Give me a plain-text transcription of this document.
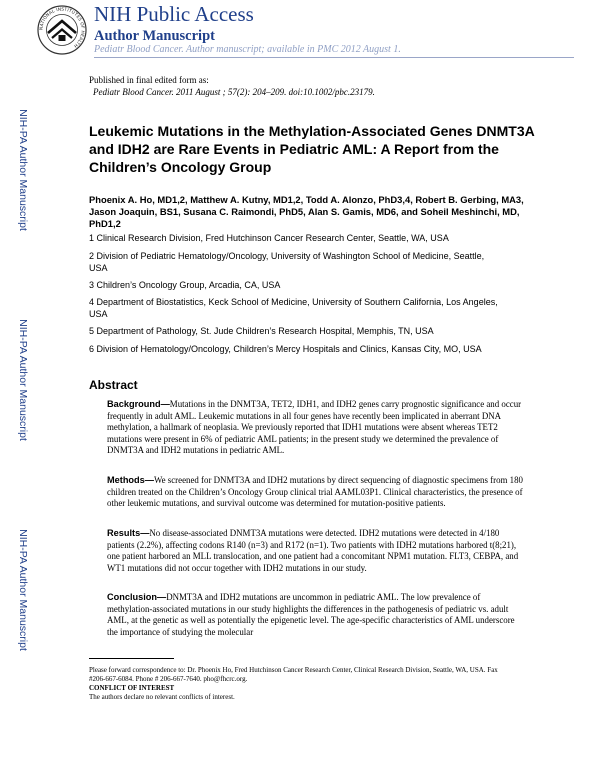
NIH-PA Author Manuscript
NIH-PA Author Manuscript
NIH-PA Author Manuscript
NATIONAL INSTITUTES OF HEALTH
NIH Public Access
Author Manuscript
Pediatr Blood Cancer. Author manuscript; available in PMC 2012 August 1.
Published in final edited form as:
Pediatr Blood Cancer. 2011 August ; 57(2): 204–209. doi:10.1002/pbc.23179.
Leukemic Mutations in the Methylation-Associated Genes DNMT3A and IDH2 are Rare Events in Pediatric AML: A Report from the Children’s Oncology Group

Phoenix A. Ho, MD1,2, Matthew A. Kutny, MD1,2, Todd A. Alonzo, PhD3,4, Robert B. Gerbing, MA3, Jason Joaquin, BS1, Susana C. Raimondi, PhD5, Alan S. Gamis, MD6, and Soheil Meshinchi, MD, PhD1,2

1 Clinical Research Division, Fred Hutchinson Cancer Research Center, Seattle, WA, USA

2 Division of Pediatric Hematology/Oncology, University of Washington School of Medicine, Seattle, USA

3 Children’s Oncology Group, Arcadia, CA, USA

4 Department of Biostatistics, Keck School of Medicine, University of Southern California, Los Angeles, USA

5 Department of Pathology, St. Jude Children’s Research Hospital, Memphis, TN, USA

6 Division of Hematology/Oncology, Children’s Mercy Hospitals and Clinics, Kansas City, MO, USA

Abstract

Background—Mutations in the DNMT3A, TET2, IDH1, and IDH2 genes carry prognostic significance and occur frequently in adult AML. Leukemic mutations in all four genes have recently been implicated in aberrant DNA methylation, a hallmark of neoplasia. We previously reported that IDH1 mutations were absent whereas TET2 mutations were present in 6% of pediatric AML patients; in the present study we determined the prevalence of DNMT3A and IDH2 mutations in pediatric AML.

Methods—We screened for DNMT3A and IDH2 mutations by direct sequencing of diagnostic specimens from 180 children treated on the Children’s Oncology Group clinical trial AAML03P1. Clinical characteristics, the presence of other leukemic mutations, and survival outcome was determined for mutation-positive patients.

Results—No disease-associated DNMT3A mutations were detected. IDH2 mutations were detected in 4/180 patients (2.2%), affecting codons R140 (n=3) and R172 (n=1). Two patients with IDH2 mutations harbored t(8;21), one patient harbored an MLL translocation, and one patient had a concomitant NPM1 mutation. FLT3, CEBPA, and WT1 mutations did not occur together with IDH2 mutations in our study.

Conclusion—DNMT3A and IDH2 mutations are uncommon in pediatric AML. The low prevalence of methylation-associated mutations in our study highlights the differences in the pathogenesis of pediatric vs. adult AML, at the genetic as well as potentially the epigenetic level. The age-specific characteristics of AML underscore the importance of studying the molecular

Please forward correspondence to: Dr. Phoenix Ho, Fred Hutchinson Cancer Research Center, Clinical Research Division, Seattle, WA, USA. Fax #206-667-6084. Phone # 206-667-7640. pho@fhcrc.org.
CONFLICT OF INTEREST
The authors declare no relevant conflicts of interest.
